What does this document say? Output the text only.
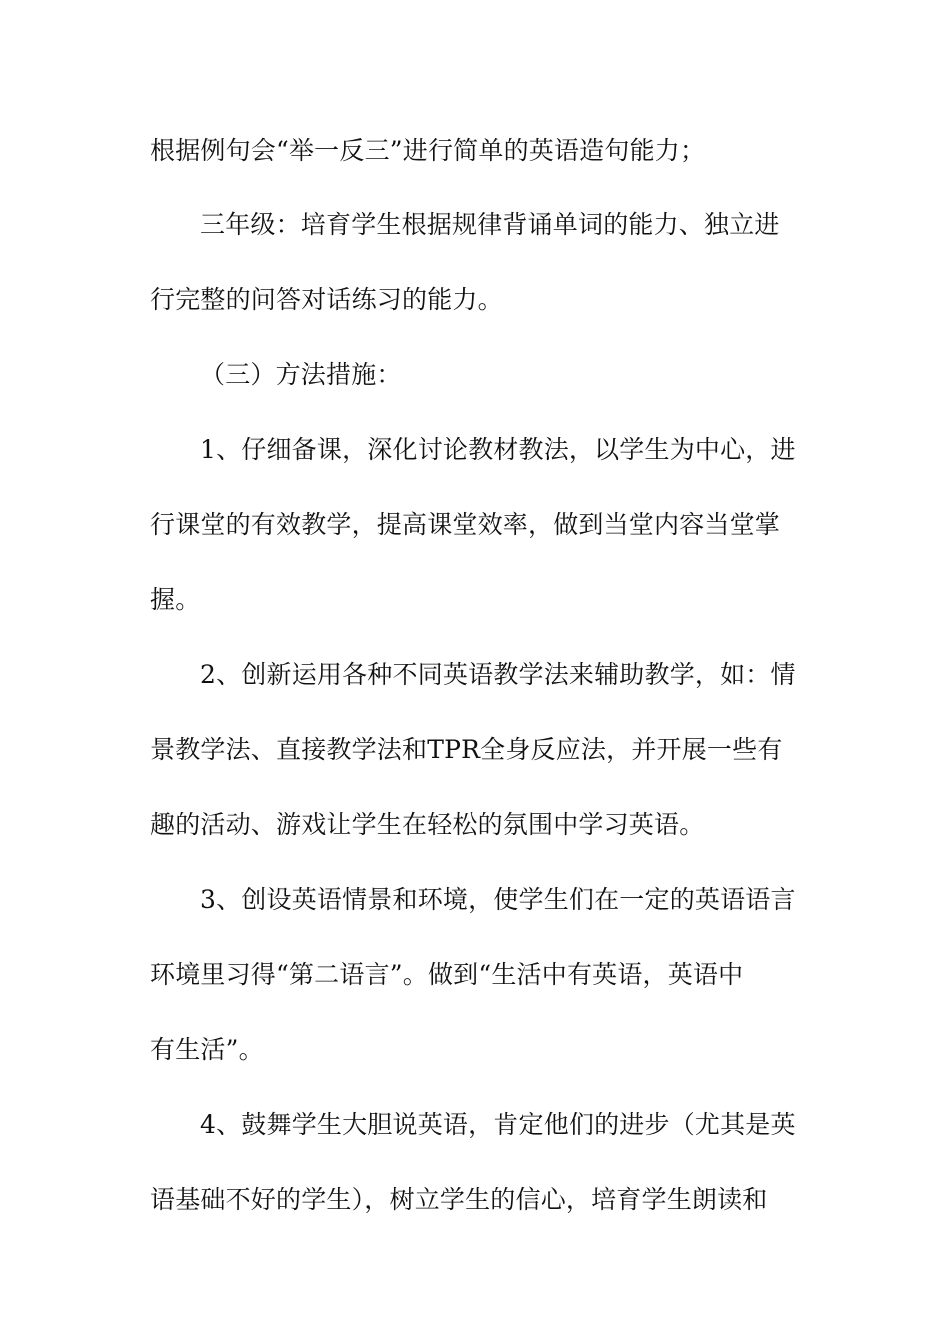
根据例句会“举一反三”进行简单的英语造句能力；
三年级：培育学生根据规律背诵单词的能力、独立进
行完整的问答对话练习的能力。
（三）方法措施：
1、仔细备课，深化讨论教材教法，以学生为中心，进
行课堂的有效教学，提高课堂效率，做到当堂内容当堂掌
握。
2、创新运用各种不同英语教学法来辅助教学，如：情
景教学法、直接教学法和TPR全身反应法，并开展一些有
趣的活动、游戏让学生在轻松的氛围中学习英语。
3、创设英语情景和环境，使学生们在一定的英语语言
环境里习得“第二语言”。做到“生活中有英语，英语中
有生活”。
4、鼓舞学生大胆说英语，肯定他们的进步（尤其是英
语基础不好的学生），树立学生的信心，培育学生朗读和
